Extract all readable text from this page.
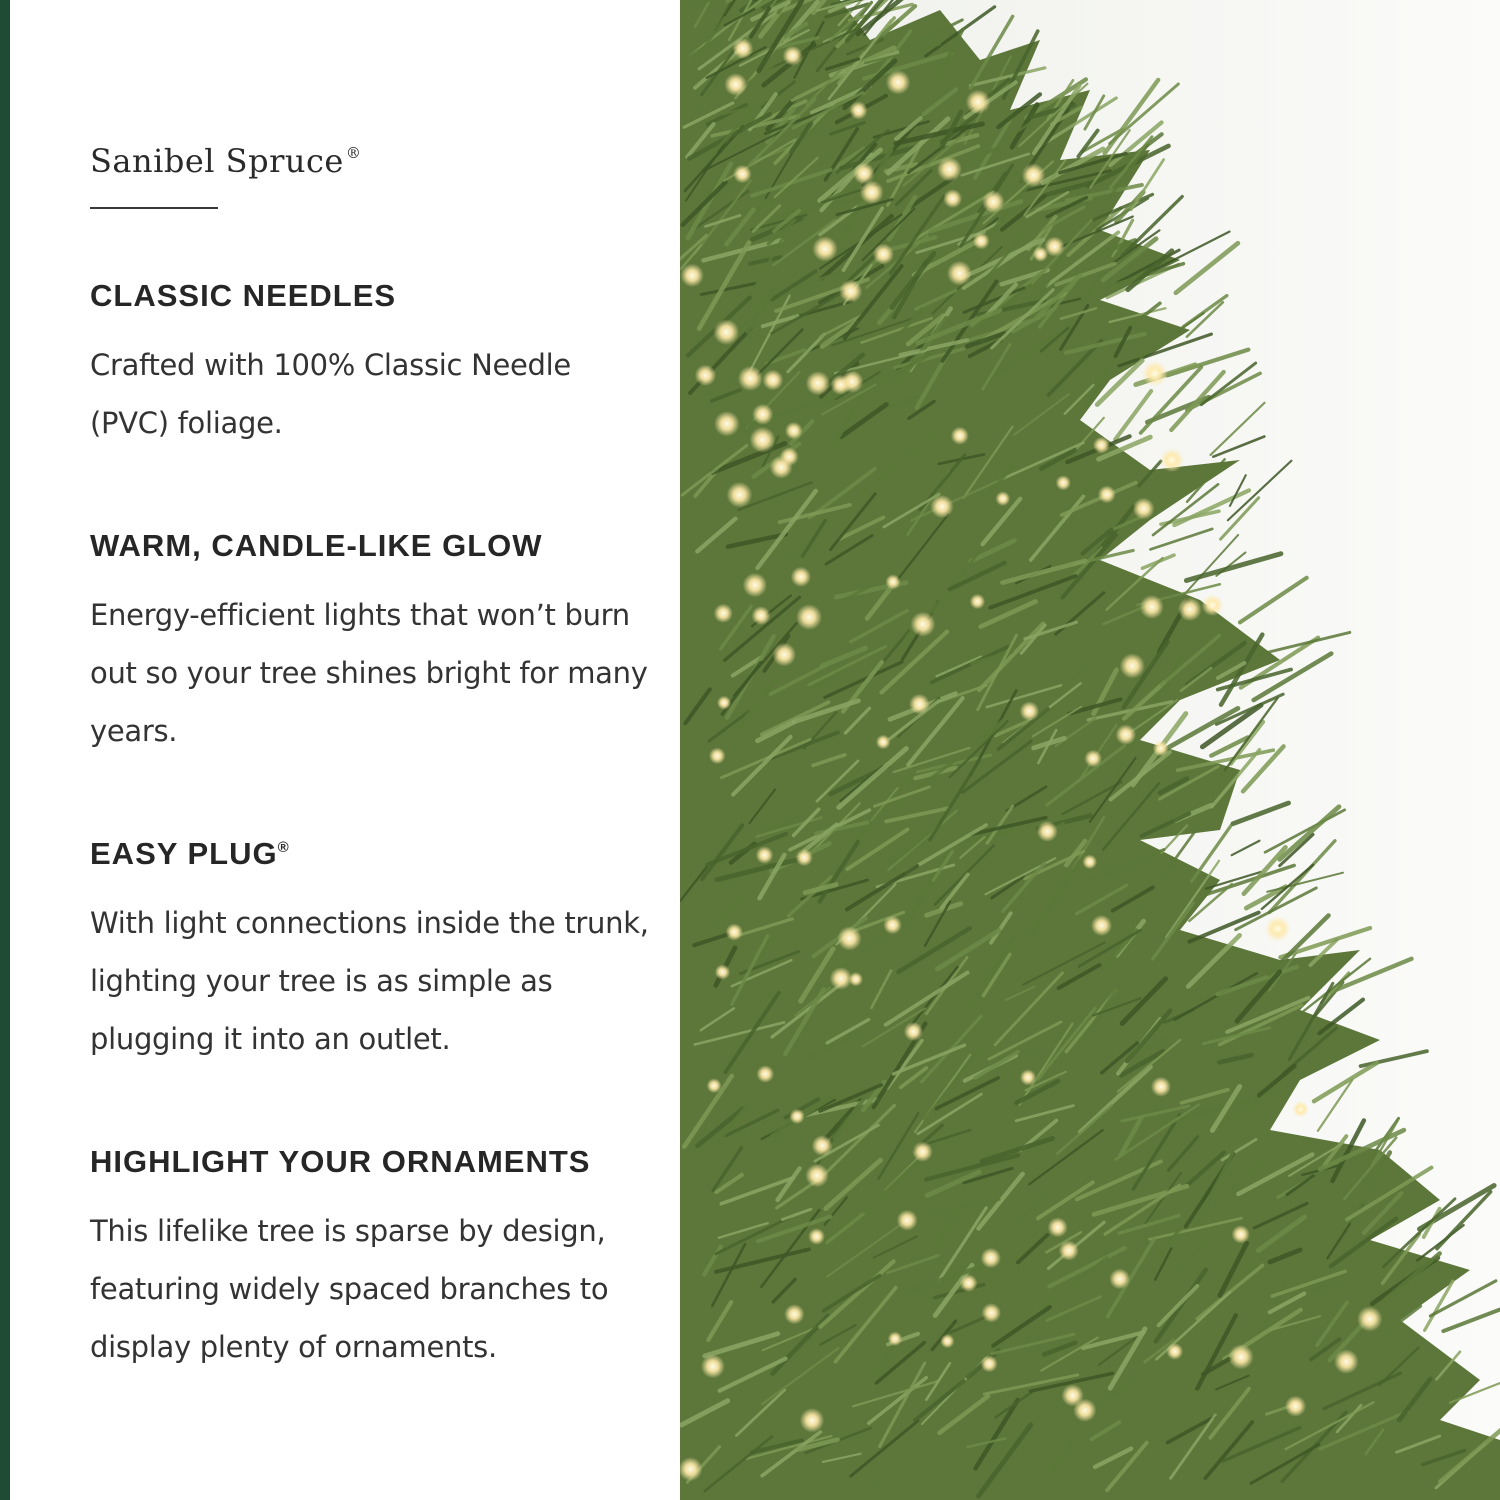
Sanibel Spruce ®
CLASSIC NEEDLES
Crafted with 100% Classic Needle (PVC) foliage.
WARM, CANDLE-LIKE GLOW
Energy-efficient lights that won’t burn out so your tree shines bright for many years.
EASY PLUG®
With light connections inside the trunk, lighting your tree is as simple as plugging it into an outlet.
HIGHLIGHT YOUR ORNAMENTS
This lifelike tree is sparse by design, featuring widely spaced branches to display plenty of ornaments.
